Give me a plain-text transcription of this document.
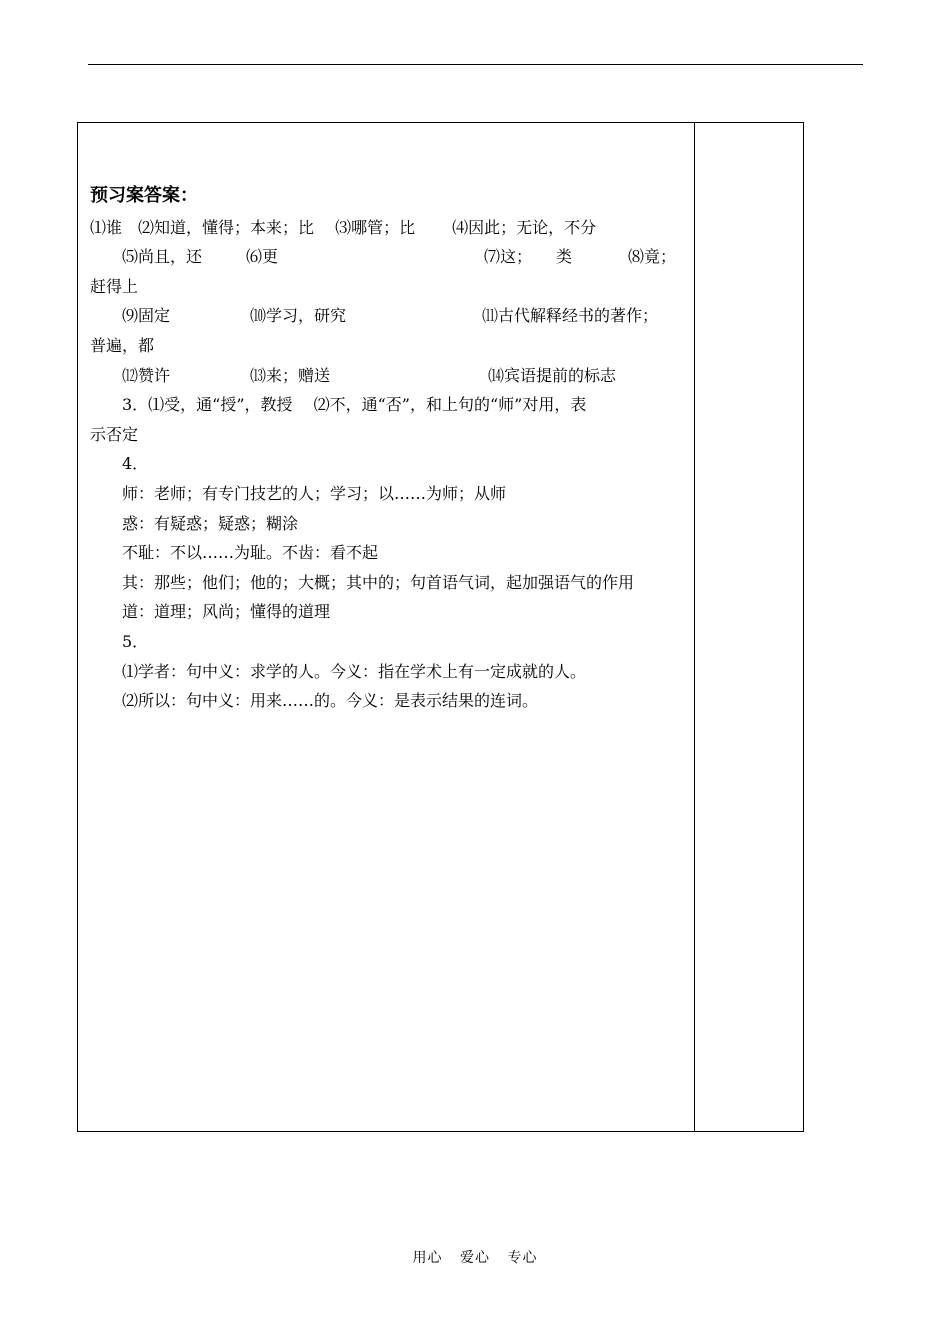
预习案答案：
⑴谁　⑵知道，懂得；本来；比　 ⑶哪管；比　　 ⑷因此；无论，不分
⑸尚且，还	⑹更	⑺这；　　类	⑻竟；
赶得上
⑼固定	⑽学习，研究	⑾古代解释经书的著作；
普遍，都
⑿赞许	⒀来；赠送	⒁宾语提前的标志
3．⑴受，通“授”，教授　 ⑵不，通“否”，和上句的“师”对用，表
示否定
4．
师：老师；有专门技艺的人；学习；以……为师；从师
惑：有疑惑；疑惑；糊涂
不耻：不以……为耻。不齿：看不起
其：那些；他们；他的；大概；其中的；句首语气词，起加强语气的作用
道：道理；风尚；懂得的道理
5．
⑴学者：句中义：求学的人。今义：指在学术上有一定成就的人。
⑵所以：句中义：用来……的。今义：是表示结果的连词。
用心 爱心 专心
